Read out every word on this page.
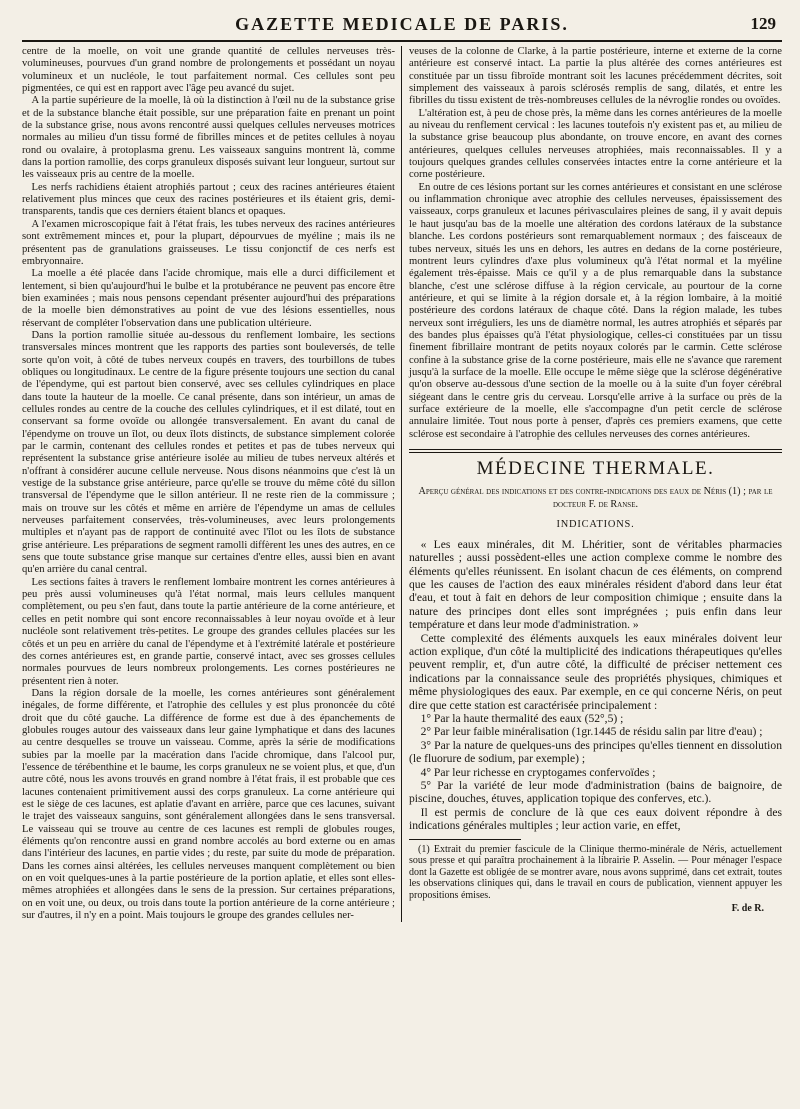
GAZETTE MEDICALE DE PARIS.	129

centre de la moelle, on voit une grande quantité de cellules nerveuses très-volumineuses, pourvues d'un grand nombre de prolongements et possédant un noyau volumineux et un nucléole, le tout parfaitement normal. Ces cellules sont peu pigmentées, ce qui est en rapport avec l'âge peu avancé du sujet.

A la partie supérieure de la moelle, là où la distinction à l'œil nu de la substance grise et de la substance blanche était possible, sur une préparation faite en prenant un point de la substance grise, nous avons rencontré aussi quelques cellules nerveuses motrices normales au milieu d'un tissu formé de fibrilles minces et de petites cellules à noyau rond ou ovalaire, à protoplasma grenu. Les vaisseaux sanguins montrent là, comme dans la portion ramollie, des corps granuleux disposés suivant leur longueur, surtout sur les vaisseaux pris au centre de la moelle.

Les nerfs rachidiens étaient atrophiés partout ; ceux des racines antérieures étaient relativement plus minces que ceux des racines postérieures et ils étaient gris, demi-transparents, tandis que ces derniers étaient blancs et opaques.

A l'examen microscopique fait à l'état frais, les tubes nerveux des racines antérieures sont extrêmement minces et, pour la plupart, dépourvues de myéline ; mais ils ne présentent pas de granulations graisseuses. Le tissu conjonctif de ces nerfs est embryonnaire.

La moelle a été placée dans l'acide chromique, mais elle a durci difficilement et lentement, si bien qu'aujourd'hui le bulbe et la protubérance ne peuvent pas encore être bien examinées ; mais nous pensons cependant présenter aujourd'hui des préparations de la moelle bien démonstratives au point de vue des lésions essentielles, nous réservant de compléter l'observation dans une publication ultérieure.

Dans la portion ramollie située au-dessous du renflement lombaire, les sections transversales minces montrent que les rapports des parties sont bouleversés, de telle sorte qu'on voit, à côté de tubes nerveux coupés en travers, des tourbillons de tubes obliques ou longitudinaux. Le centre de la figure présente toujours une section du canal de l'épendyme, qui est partout bien conservé, avec ses cellules cylindriques en place dans toute la hauteur de la moelle. Ce canal présente, dans son intérieur, un amas de cellules rondes au centre de la couche des cellules cylindriques, et il est dilaté, tout en conservant sa forme ovoïde ou allongée transversalement. En avant du canal de l'épendyme on trouve un îlot, ou deux îlots distincts, de substance simplement colorée par le carmin, contenant des cellules rondes et petites et pas de tubes nerveux qui représentent la substance grise antérieure isolée au milieu de tubes nerveux altérés et n'offrant à considérer aucune cellule nerveuse. Nous disons néanmoins que c'est là un vestige de la substance grise antérieure, parce qu'elle se trouve du même côté du sillon transversal de l'épendyme que le sillon antérieur. Il ne reste rien de la commissure ; mais on trouve sur les côtés et même en arrière de l'épendyme un amas de cellules nerveuses parfaitement conservées, très-volumineuses, avec leurs prolongements multiples et n'ayant pas de rapport de continuité avec l'îlot ou les îlots de substance grise antérieure. Les préparations de segment ramolli diffèrent les unes des autres, en ce sens que toute substance grise manque sur certaines d'entre elles, aussi bien en avant qu'en arrière du canal central.

Les sections faites à travers le renflement lombaire montrent les cornes antérieures à peu près aussi volumineuses qu'à l'état normal, mais leurs cellules manquent complètement, ou peu s'en faut, dans toute la partie antérieure de la corne antérieure, et celles en petit nombre qui sont encore reconnaissables à leur noyau ovoïde et à leur nucléole sont relativement très-petites. Le groupe des grandes cellules placées sur les côtés et un peu en arrière du canal de l'épendyme et à l'extrémité latérale et postérieure des cornes antérieures est, en grande partie, conservé intact, avec ses grosses cellules normales pourvues de leurs nombreux prolongements. Les cornes postérieures ne présentent rien à noter.

Dans la région dorsale de la moelle, les cornes antérieures sont généralement inégales, de forme différente, et l'atrophie des cellules y est plus prononcée du côté droit que du côté gauche. La différence de forme est due à des épanchements de globules rouges autour des vaisseaux dans leur gaine lymphatique et dans des lacunes au centre desquelles se trouve un vaisseau. Comme, après la série de modifications subies par la moelle par la macération dans l'acide chromique, dans l'alcool pur, l'essence de térébenthine et le baume, les corps granuleux ne se voient plus, et que, d'un autre côté, nous les avons trouvés en grand nombre à l'état frais, il est probable que ces lacunes contenaient primitivement aussi des corps granuleux. La corne antérieure qui est le siège de ces lacunes, est aplatie d'avant en arrière, parce que ces lacunes, suivant le trajet des vaisseaux sanguins, sont généralement allongées dans le sens transversal. Le vaisseau qui se trouve au centre de ces lacunes est rempli de globules rouges, éléments qu'on rencontre aussi en grand nombre accolés au bord externe ou en amas dans l'intérieur des lacunes, en partie vides ; du reste, par suite du mode de préparation. Dans les cornes ainsi altérées, les cellules nerveuses manquent complètement ou bien on en voit quelques-unes à la partie postérieure de la portion aplatie, et elles sont elles-mêmes atrophiées et allongées dans le sens de la pression. Sur certaines préparations, on en voit une, ou deux, ou trois dans toute la portion antérieure de la corne antérieure ; sur d'autres, il n'y en a point. Mais toujours le groupe des grandes cellules ner-

veuses de la colonne de Clarke, à la partie postérieure, interne et externe de la corne antérieure est conservé intact. La partie la plus altérée des cornes antérieures est constituée par un tissu fibroïde montrant soit les lacunes précédemment décrites, soit simplement des vaisseaux à parois sclérosés remplis de sang, dilatés, et entre les fibrilles du tissu existent de très-nombreuses cellules de la névroglie rondes ou ovoïdes.

L'altération est, à peu de chose près, la même dans les cornes antérieures de la moelle au niveau du renflement cervical : les lacunes toutefois n'y existent pas et, au milieu de la substance grise beaucoup plus abondante, on trouve encore, en avant des cornes antérieures, quelques cellules nerveuses atrophiées, mais reconnaissables. Il y a toujours quelques grandes cellules conservées intactes entre la corne antérieure et la corne postérieure.

En outre de ces lésions portant sur les cornes antérieures et consistant en une sclérose ou inflammation chronique avec atrophie des cellules nerveuses, épaississement des vaisseaux, corps granuleux et lacunes périvasculaires pleines de sang, il y avait depuis le haut jusqu'au bas de la moelle une altération des cordons latéraux de la substance blanche. Les cordons postérieurs sont remarquablement normaux ; des faisceaux de tubes nerveux, situés les uns en dehors, les autres en dedans de la corne postérieure, montrent leurs cylindres d'axe plus volumineux qu'à l'état normal et la myéline également très-épaisse. Mais ce qu'il y a de plus remarquable dans la substance blanche, c'est une sclérose diffuse à la région cervicale, au pourtour de la corne antérieure, et qui se limite à la région dorsale et, à la région lombaire, à la moitié postérieure des cordons latéraux de chaque côté. Dans la région malade, les tubes nerveux sont irréguliers, les uns de diamètre normal, les autres atrophiés et séparés par des bandes plus épaisses qu'à l'état physiologique, celles-ci constituées par un tissu finement fibrillaire montrant de petits noyaux colorés par le carmin. Cette sclérose confine à la substance grise de la corne postérieure, mais elle ne s'avance que rarement jusqu'à la surface de la moelle. Elle occupe le même siège que la sclérose dégénérative qu'on observe au-dessous d'une section de la moelle ou à la suite d'un foyer cérébral siégeant dans le centre gris du cerveau. Lorsqu'elle arrive à la surface ou près de la surface extérieure de la moelle, elle s'accompagne d'un petit cercle de sclérose annulaire limitée. Tout nous porte à penser, d'après ces premiers examens, que cette sclérose est secondaire à l'atrophie des cellules nerveuses des cornes antérieures.

MÉDECINE THERMALE.
Aperçu général des indications et des contre-indications des eaux de Néris (1) ; par le docteur F. de Ranse.
INDICATIONS.

« Les eaux minérales, dit M. Lhéritier, sont de véritables pharmacies naturelles ; aussi possèdent-elles une action complexe comme le nombre des éléments qu'elles réunissent. En isolant chacun de ces éléments, on comprend que les causes de l'action des eaux minérales résident d'abord dans leur état d'eau, et tout à fait en dehors de leur composition chimique ; ensuite dans la nature des principes dont elles sont imprégnées ; puis enfin dans leur température et dans leur mode d'administration. »

Cette complexité des éléments auxquels les eaux minérales doivent leur action explique, d'un côté la multiplicité des indications thérapeutiques qu'elles peuvent remplir, et, d'un autre côté, la difficulté de préciser nettement ces indications par la connaissance seule des propriétés physiques, chimiques et même physiologiques des eaux. Par exemple, en ce qui concerne Néris, on peut dire que cette station est caractérisée principalement :

1° Par la haute thermalité des eaux (52°,5) ;

2° Par leur faible minéralisation (1gr.1445 de résidu salin par litre d'eau) ;

3° Par la nature de quelques-uns des principes qu'elles tiennent en dissolution (le fluorure de sodium, par exemple) ;

4° Par leur richesse en cryptogames confervoïdes ;

5° Par la variété de leur mode d'administration (bains de baignoire, de piscine, douches, étuves, application topique des conferves, etc.).

Il est permis de conclure de là que ces eaux doivent répondre à des indications générales multiples ; leur action varie, en effet,

(1) Extrait du premier fascicule de la Clinique thermo-minérale de Néris, actuellement sous presse et qui paraîtra prochainement à la librairie P. Asselin. — Pour ménager l'espace dont la Gazette est obligée de se montrer avare, nous avons supprimé, dans cet extrait, toutes les observations cliniques qui, dans le travail en cours de publication, viennent appuyer les propositions émises.

F. de R.
